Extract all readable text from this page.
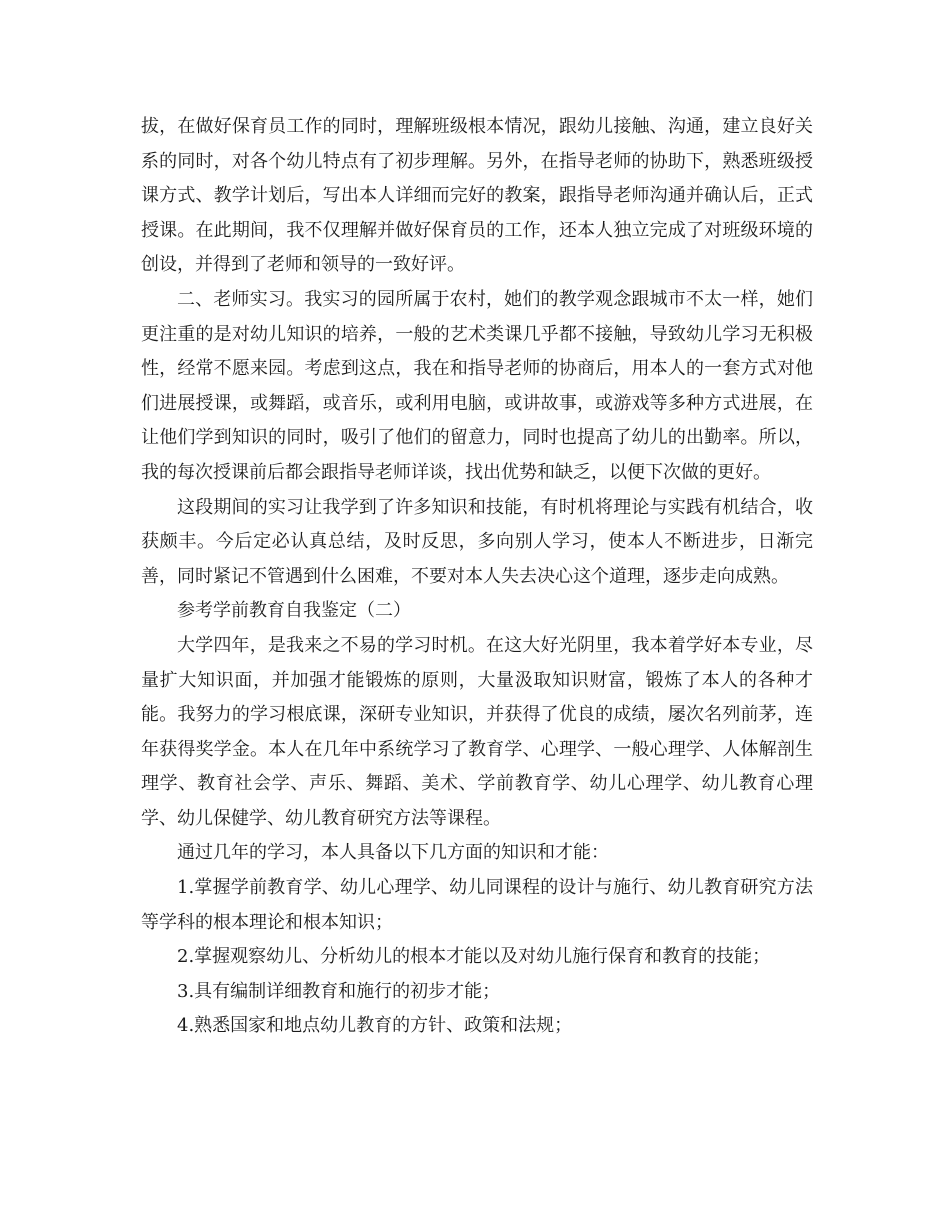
拔，在做好保育员工作的同时，理解班级根本情况，跟幼儿接触、沟通，建立良好关系的同时，对各个幼儿特点有了初步理解。另外，在指导老师的协助下，熟悉班级授课方式、教学计划后，写出本人详细而完好的教案，跟指导老师沟通并确认后，正式授课。在此期间，我不仅理解并做好保育员的工作，还本人独立完成了对班级环境的创设，并得到了老师和领导的一致好评。

二、老师实习。我实习的园所属于农村，她们的教学观念跟城市不太一样，她们更注重的是对幼儿知识的培养，一般的艺术类课几乎都不接触，导致幼儿学习无积极性，经常不愿来园。考虑到这点，我在和指导老师的协商后，用本人的一套方式对他们进展授课，或舞蹈，或音乐，或利用电脑，或讲故事，或游戏等多种方式进展，在让他们学到知识的同时，吸引了他们的留意力，同时也提高了幼儿的出勤率。所以，我的每次授课前后都会跟指导老师详谈，找出优势和缺乏，以便下次做的更好。

这段期间的实习让我学到了许多知识和技能，有时机将理论与实践有机结合，收获颇丰。今后定必认真总结，及时反思，多向别人学习，使本人不断进步，日渐完善，同时紧记不管遇到什么困难，不要对本人失去决心这个道理，逐步走向成熟。

参考学前教育自我鉴定（二）

大学四年，是我来之不易的学习时机。在这大好光阴里，我本着学好本专业，尽量扩大知识面，并加强才能锻炼的原则，大量汲取知识财富，锻炼了本人的各种才能。我努力的学习根底课，深研专业知识，并获得了优良的成绩，屡次名列前茅，连年获得奖学金。本人在几年中系统学习了教育学、心理学、一般心理学、人体解剖生理学、教育社会学、声乐、舞蹈、美术、学前教育学、幼儿心理学、幼儿教育心理学、幼儿保健学、幼儿教育研究方法等课程。

通过几年的学习，本人具备以下几方面的知识和才能：

1.掌握学前教育学、幼儿心理学、幼儿同课程的设计与施行、幼儿教育研究方法等学科的根本理论和根本知识；

2.掌握观察幼儿、分析幼儿的根本才能以及对幼儿施行保育和教育的技能；

3.具有编制详细教育和施行的初步才能；

4.熟悉国家和地点幼儿教育的方针、政策和法规；
